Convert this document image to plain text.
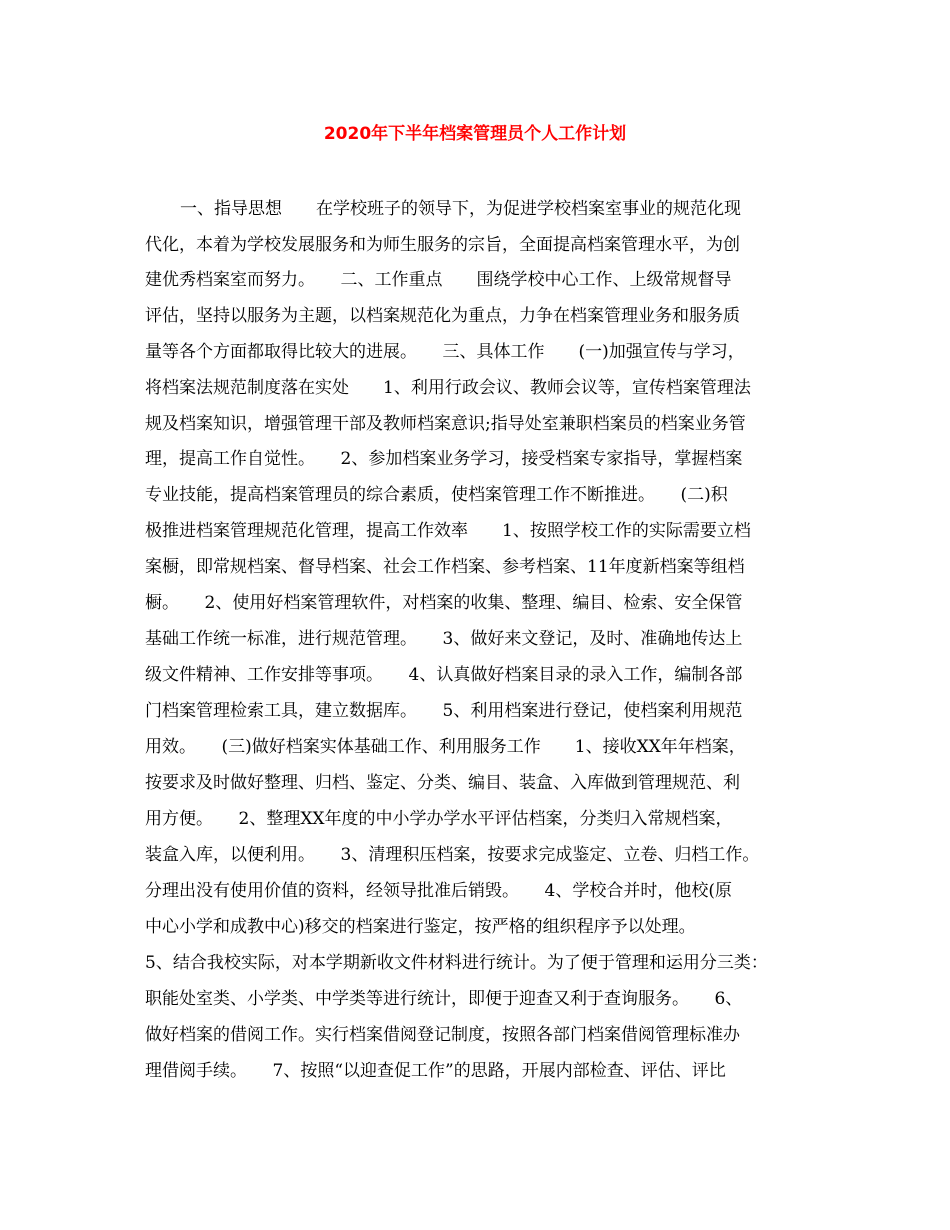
2020年下半年档案管理员个人工作计划
一、指导思想　　在学校班子的领导下，为促进学校档案室事业的规范化现
代化，本着为学校发展服务和为师生服务的宗旨，全面提高档案管理水平，为创
建优秀档案室而努力。　　二、工作重点　　围绕学校中心工作、上级常规督导
评估，坚持以服务为主题，以档案规范化为重点，力争在档案管理业务和服务质
量等各个方面都取得比较大的进展。　　三、具体工作　　(一)加强宣传与学习，
将档案法规范制度落在实处　　1、利用行政会议、教师会议等，宣传档案管理法
规及档案知识，增强管理干部及教师档案意识;指导处室兼职档案员的档案业务管
理，提高工作自觉性。　　2、参加档案业务学习，接受档案专家指导，掌握档案
专业技能，提高档案管理员的综合素质，使档案管理工作不断推进。　　(二)积
极推进档案管理规范化管理，提高工作效率　　1、按照学校工作的实际需要立档
案橱，即常规档案、督导档案、社会工作档案、参考档案、11年度新档案等组档
橱。　　2、使用好档案管理软件，对档案的收集、整理、编目、检索、安全保管
基础工作统一标准，进行规范管理。　　3、做好来文登记，及时、准确地传达上
级文件精神、工作安排等事项。　　4、认真做好档案目录的录入工作，编制各部
门档案管理检索工具，建立数据库。　　5、利用档案进行登记，使档案利用规范
用效。　　(三)做好档案实体基础工作、利用服务工作　　1、接收XX年年档案，
按要求及时做好整理、归档、鉴定、分类、编目、装盒、入库做到管理规范、利
用方便。　　2、整理XX年度的中小学办学水平评估档案，分类归入常规档案，
装盒入库，以便利用。　　3、清理积压档案，按要求完成鉴定、立卷、归档工作。
分理出没有使用价值的资料，经领导批准后销毁。　　4、学校合并时，他校(原
中心小学和成教中心)移交的档案进行鉴定，按严格的组织程序予以处理。
5、结合我校实际，对本学期新收文件材料进行统计。为了便于管理和运用分三类：
职能处室类、小学类、中学类等进行统计，即便于迎查又利于查询服务。　　6、
做好档案的借阅工作。实行档案借阅登记制度，按照各部门档案借阅管理标准办
理借阅手续。　　7、按照“以迎查促工作”的思路，开展内部检查、评估、评比
